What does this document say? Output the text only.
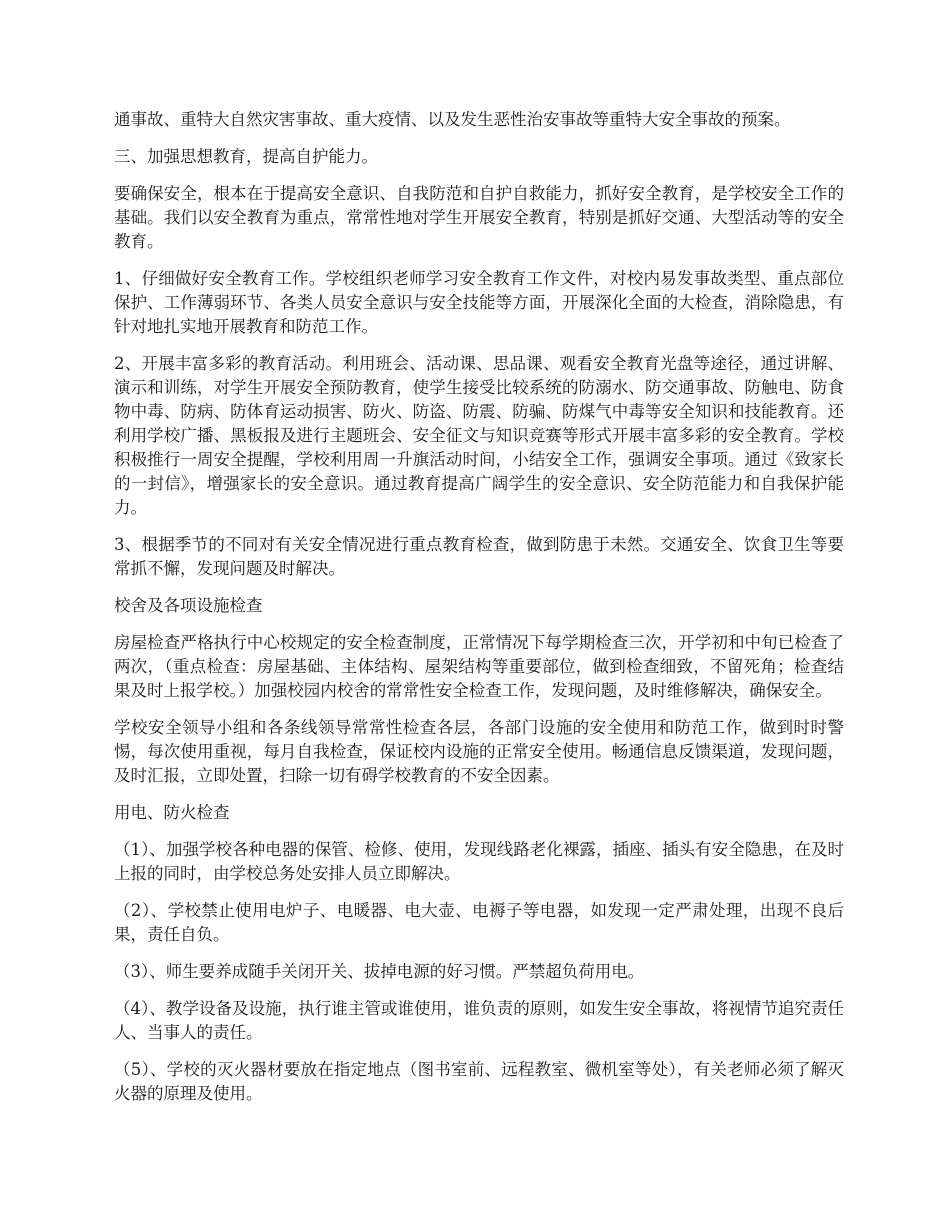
通事故、重特大自然灾害事故、重大疫情、以及发生恶性治安事故等重特大安全事故的预案。

三、加强思想教育，提高自护能力。

要确保安全，根本在于提高安全意识、自我防范和自护自救能力，抓好安全教育，是学校安全工作的基础。我们以安全教育为重点，常常性地对学生开展安全教育，特别是抓好交通、大型活动等的安全教育。

1、仔细做好安全教育工作。学校组织老师学习安全教育工作文件，对校内易发事故类型、重点部位保护、工作薄弱环节、各类人员安全意识与安全技能等方面，开展深化全面的大检查，消除隐患，有针对地扎实地开展教育和防范工作。

2、开展丰富多彩的教育活动。利用班会、活动课、思品课、观看安全教育光盘等途径，通过讲解、演示和训练，对学生开展安全预防教育，使学生接受比较系统的防溺水、防交通事故、防触电、防食物中毒、防病、防体育运动损害、防火、防盗、防震、防骗、防煤气中毒等安全知识和技能教育。还利用学校广播、黑板报及进行主题班会、安全征文与知识竞赛等形式开展丰富多彩的安全教育。学校积极推行一周安全提醒，学校利用周一升旗活动时间，小结安全工作，强调安全事项。通过《致家长的一封信》，增强家长的安全意识。通过教育提高广阔学生的安全意识、安全防范能力和自我保护能力。

3、根据季节的不同对有关安全情况进行重点教育检查，做到防患于未然。交通安全、饮食卫生等要常抓不懈，发现问题及时解决。

校舍及各项设施检查

房屋检查严格执行中心校规定的安全检查制度，正常情况下每学期检查三次，开学初和中旬已检查了两次，（重点检查：房屋基础、主体结构、屋架结构等重要部位，做到检查细致，不留死角；检查结果及时上报学校。）加强校园内校舍的常常性安全检查工作，发现问题，及时维修解决，确保安全。

学校安全领导小组和各条线领导常常性检查各层，各部门设施的安全使用和防范工作，做到时时警惕，每次使用重视，每月自我检查，保证校内设施的正常安全使用。畅通信息反馈渠道，发现问题，及时汇报，立即处置，扫除一切有碍学校教育的不安全因素。

用电、防火检查

（1）、加强学校各种电器的保管、检修、使用，发现线路老化裸露，插座、插头有安全隐患，在及时上报的同时，由学校总务处安排人员立即解决。

（2）、学校禁止使用电炉子、电暖器、电大壶、电褥子等电器，如发现一定严肃处理，出现不良后果，责任自负。

（3）、师生要养成随手关闭开关、拔掉电源的好习惯。严禁超负荷用电。

（4）、教学设备及设施，执行谁主管或谁使用，谁负责的原则，如发生安全事故，将视情节追究责任人、当事人的责任。

（5）、学校的灭火器材要放在指定地点（图书室前、远程教室、微机室等处），有关老师必须了解灭火器的原理及使用。
